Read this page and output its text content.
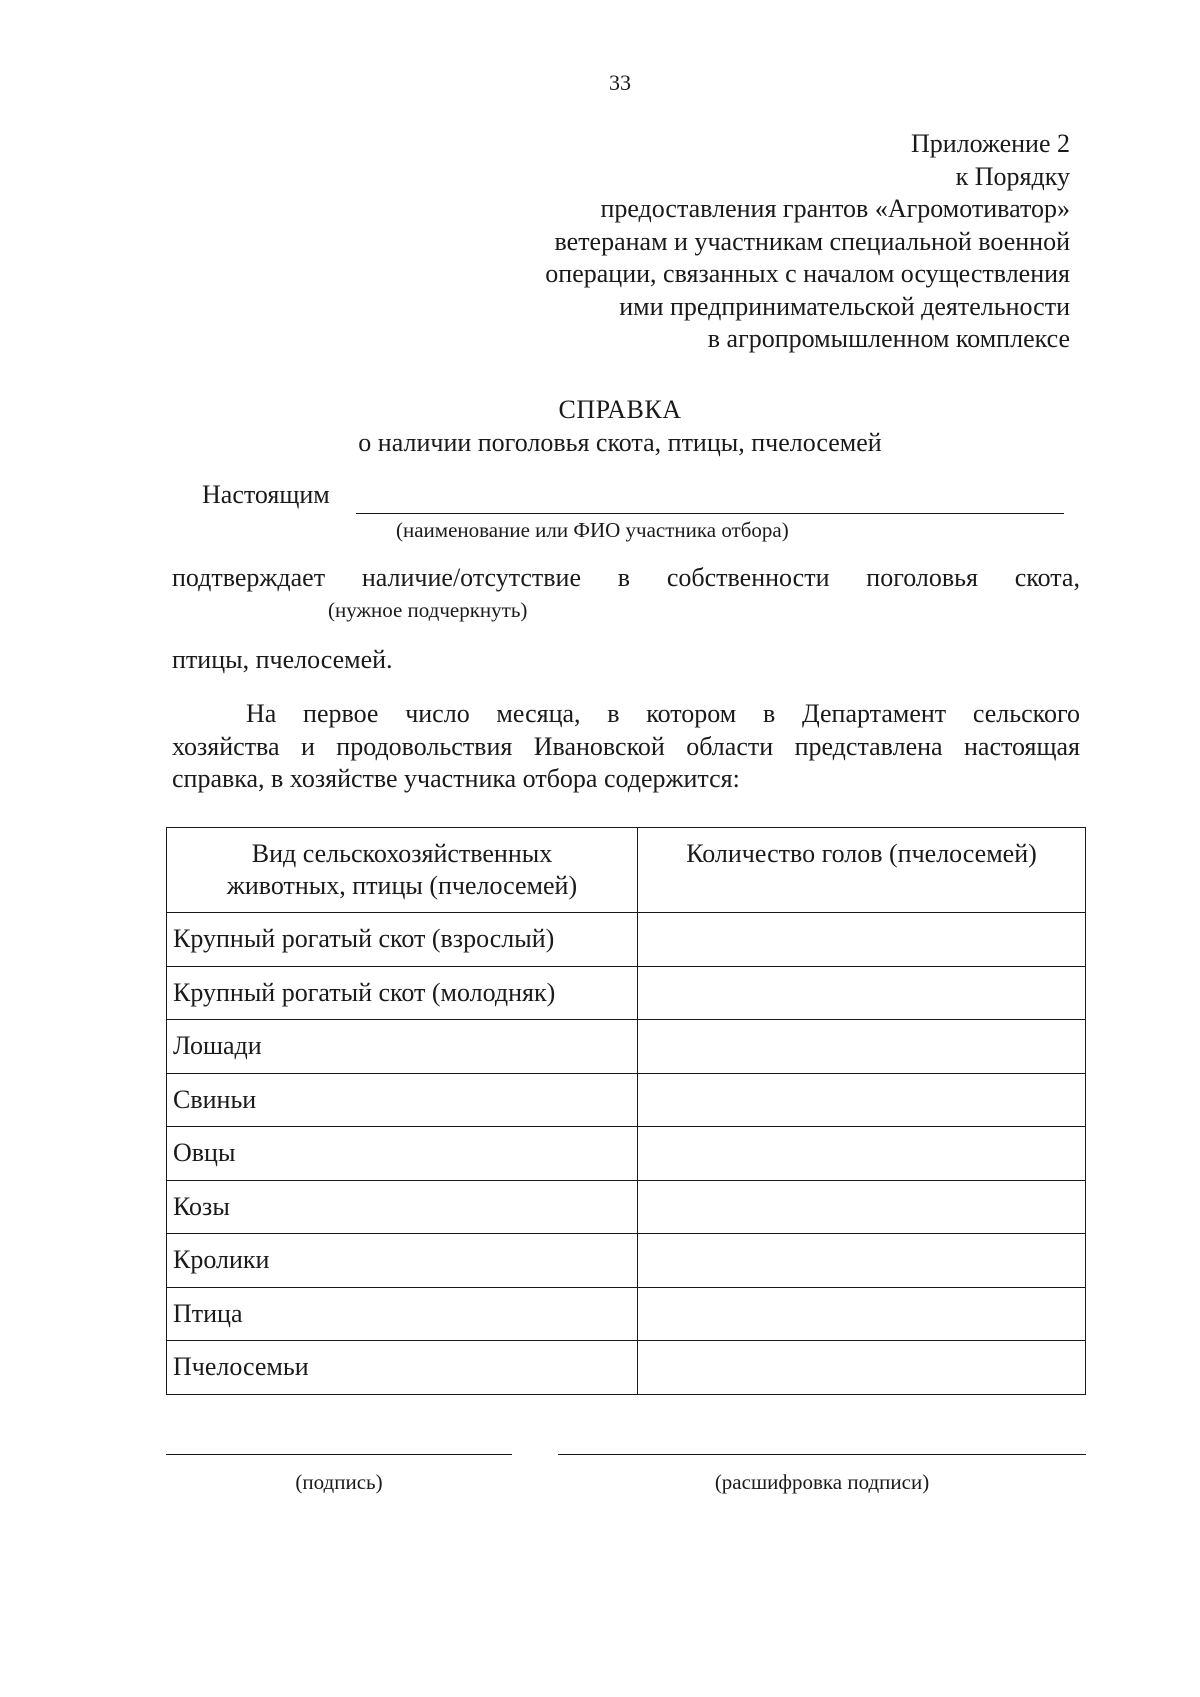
33
Приложение 2
к Порядку
предоставления грантов «Агромотиватор»
ветеранам и участникам специальной военной
операции, связанных с началом осуществления
ими предпринимательской деятельности
в агропромышленном комплексе
СПРАВКА
о наличии поголовья скота, птицы, пчелосемей
Настоящим
(наименование или ФИО участника отбора)
подтверждает наличие/отсутствие в собственности поголовья скота,
(нужное подчеркнуть)
птицы, пчелосемей.
На первое число месяца, в котором в Департамент сельского
хозяйства и продовольствия Ивановской области представлена настоящая
справка, в хозяйстве участника отбора содержится:
Вид сельскохозяйственных
животных, птицы (пчелосемей)	Количество голов (пчелосемей)

Крупный рогатый скот (взрослый)	
Крупный рогатый скот (молодняк)	
Лошади	
Свиньи	
Овцы	
Козы	
Кролики	
Птица	
Пчелосемьи	
(подпись)	(расшифровка подписи)
